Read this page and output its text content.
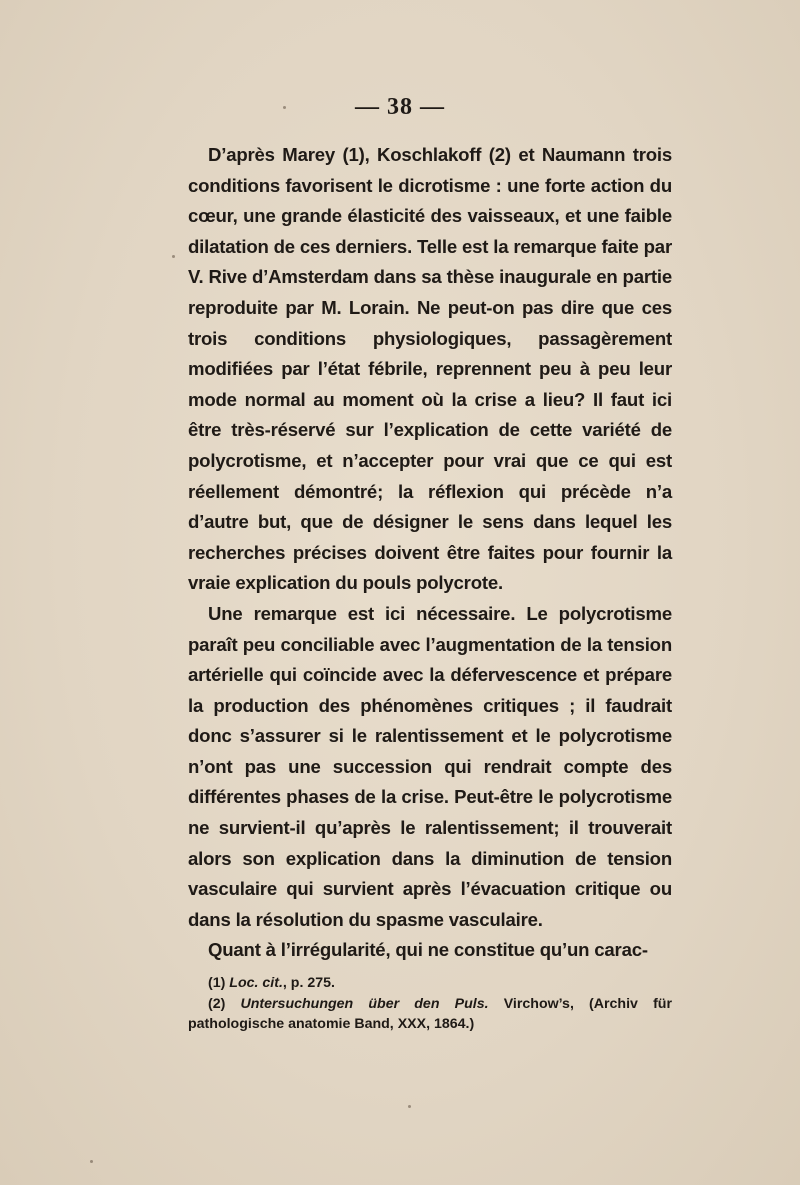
— 38 —

D’après Marey (1), Koschlakoff (2) et Naumann trois conditions favorisent le dicrotisme : une forte action du cœur, une grande élasticité des vaisseaux, et une faible dilatation de ces derniers. Telle est la remarque faite par V. Rive d’Amsterdam dans sa thèse inaugurale en partie reproduite par M. Lorain. Ne peut-on pas dire que ces trois conditions physiologiques, passagèrement modifiées par l’état fébrile, reprennent peu à peu leur mode normal au moment où la crise a lieu? Il faut ici être très-réservé sur l’explication de cette variété de polycrotisme, et n’accepter pour vrai que ce qui est réellement démontré; la réflexion qui précède n’a d’autre but, que de désigner le sens dans lequel les recherches précises doivent être faites pour fournir la vraie explication du pouls polycrote.

Une remarque est ici nécessaire. Le polycrotisme paraît peu conciliable avec l’augmentation de la tension artérielle qui coïncide avec la défervescence et prépare la production des phénomènes critiques ; il faudrait donc s’assurer si le ralentissement et le polycrotisme n’ont pas une succession qui rendrait compte des différentes phases de la crise. Peut-être le polycrotisme ne survient-il qu’après le ralentissement; il trouverait alors son explication dans la diminution de tension vasculaire qui survient après l’évacuation critique ou dans la résolution du spasme vasculaire.

Quant à l’irrégularité, qui ne constitue qu’un carac-

(1) Loc. cit., p. 275.

(2) Untersuchungen über den Puls. Virchow’s, (Archiv für pathologische anatomie Band, XXX, 1864.)
